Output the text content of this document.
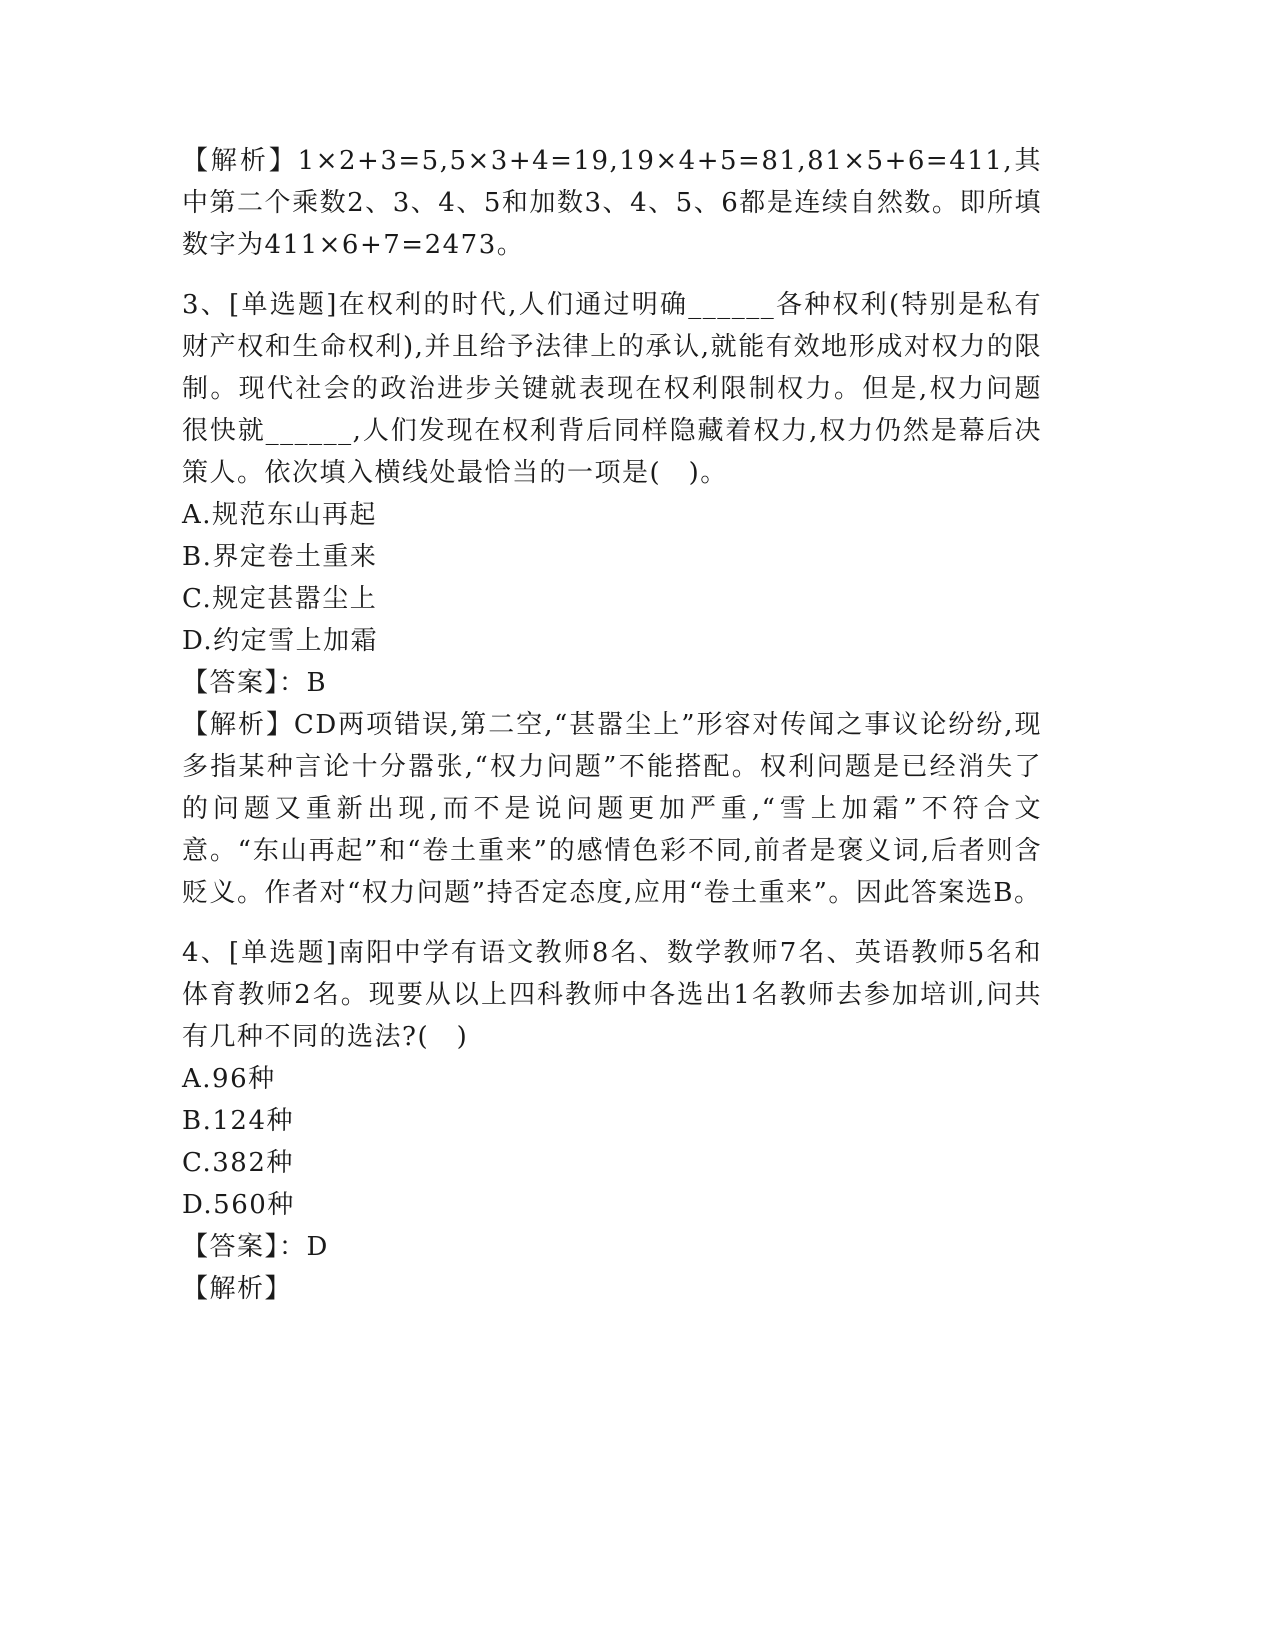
【解析】1×2+3=5,5×3+4=19,19×4+5=81,81×5+6=411,其中第二个乘数2、3、4、5和加数3、4、5、6都是连续自然数。即所填数字为411×6+7=2473。

3、[单选题]在权利的时代,人们通过明确______各种权利(特别是私有财产权和生命权利),并且给予法律上的承认,就能有效地形成对权力的限制。现代社会的政治进步关键就表现在权利限制权力。但是,权力问题很快就______,人们发现在权利背后同样隐藏着权力,权力仍然是幕后决策人。依次填入横线处最恰当的一项是(　)。

A.规范东山再起

B.界定卷土重来

C.规定甚嚣尘上

D.约定雪上加霜

【答案】：B

【解析】CD两项错误,第二空,“甚嚣尘上”形容对传闻之事议论纷纷,现多指某种言论十分嚣张,“权力问题”不能搭配。权利问题是已经消失了的问题又重新出现,而不是说问题更加严重,“雪上加霜”不符合文意。“东山再起”和“卷土重来”的感情色彩不同,前者是褒义词,后者则含贬义。作者对“权力问题”持否定态度,应用“卷土重来”。因此答案选B。

4、[单选题]南阳中学有语文教师8名、数学教师7名、英语教师5名和体育教师2名。现要从以上四科教师中各选出1名教师去参加培训,问共有几种不同的选法?(　)

A.96种

B.124种

C.382种

D.560种

【答案】：D

【解析】
